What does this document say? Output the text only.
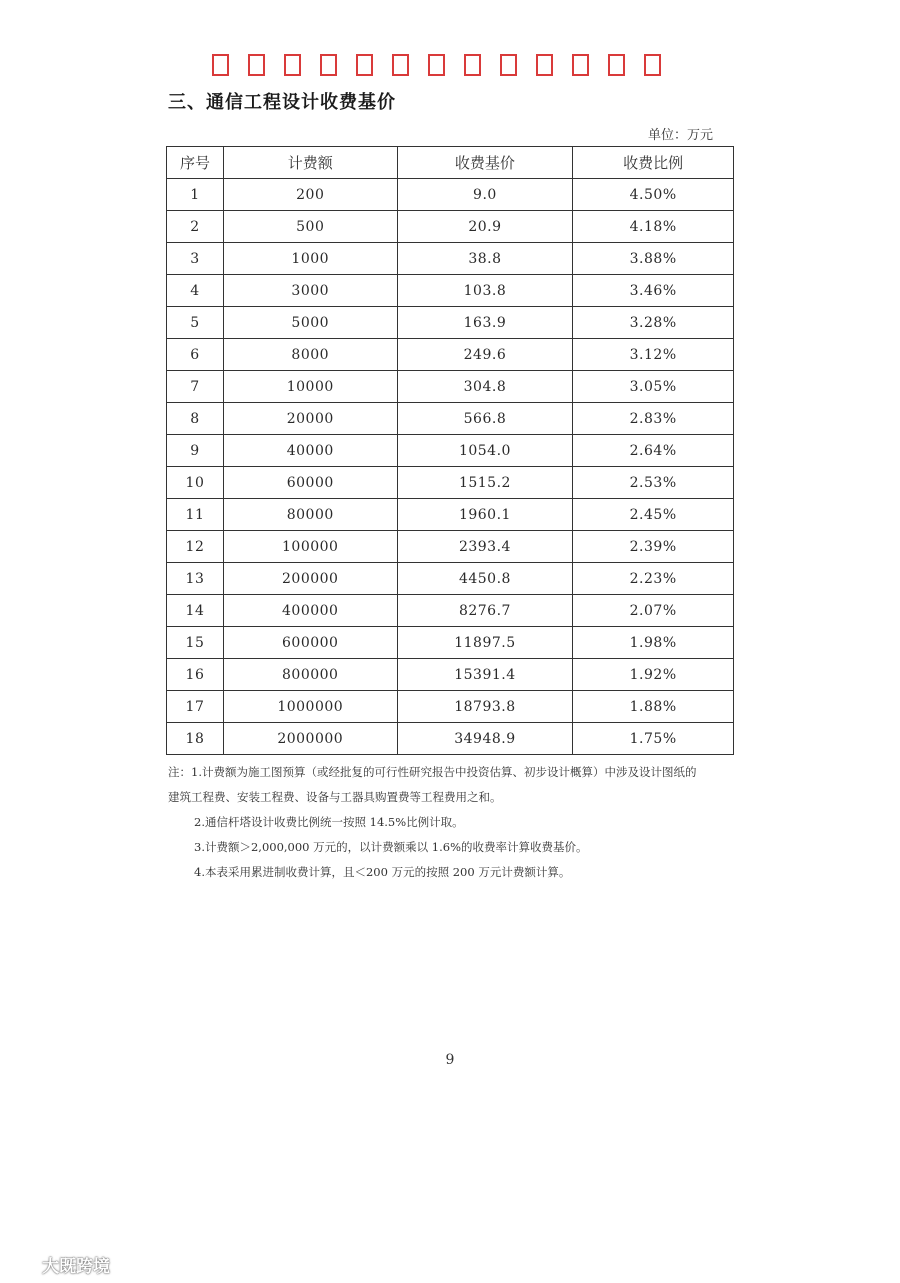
三、通信工程设计收费基价
单位：万元
序号	计费额	收费基价	收费比例
1	200	9.0	4.50%
2	500	20.9	4.18%
3	1000	38.8	3.88%
4	3000	103.8	3.46%
5	5000	163.9	3.28%
6	8000	249.6	3.12%
7	10000	304.8	3.05%
8	20000	566.8	2.83%
9	40000	1054.0	2.64%
10	60000	1515.2	2.53%
11	80000	1960.1	2.45%
12	100000	2393.4	2.39%
13	200000	4450.8	2.23%
14	400000	8276.7	2.07%
15	600000	11897.5	1.98%
16	800000	15391.4	1.92%
17	1000000	18793.8	1.88%
18	2000000	34948.9	1.75%
注：1.计费额为施工图预算（或经批复的可行性研究报告中投资估算、初步设计概算）中涉及设计图纸的
建筑工程费、安装工程费、设备与工器具购置费等工程费用之和。
2.通信杆塔设计收费比例统一按照 14.5%比例计取。
3.计费额＞2,000,000 万元的，以计费额乘以 1.6%的收费率计算收费基价。
4.本表采用累进制收费计算，且＜200 万元的按照 200 万元计费额计算。
9
大既跨境
